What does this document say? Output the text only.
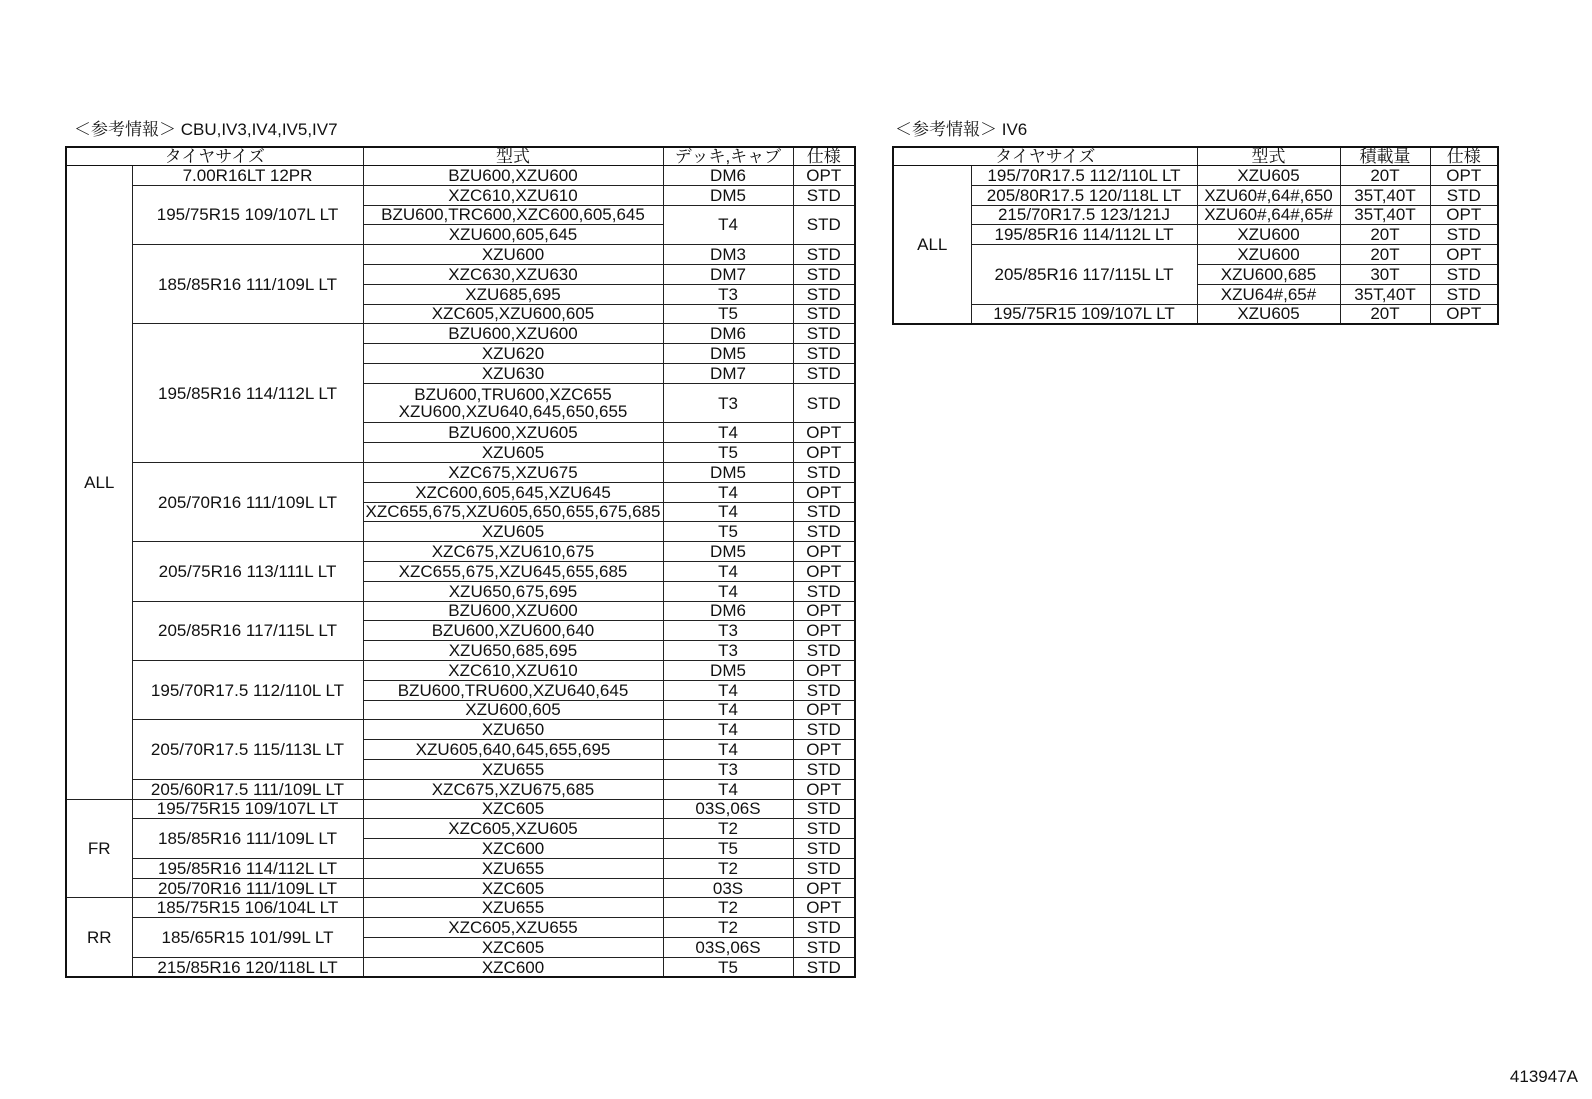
＜参考情報＞ CBU,IV3,IV4,IV5,IV7
タイヤサイズ		型式	デッキ,キャブ	仕様
ALL	7.00R16LT 12PR	BZU600,XZU600	DM6	OPT
	195/75R15 109/107L LT	XZC610,XZU610	DM5	STD
		BZU600,TRC600,XZC600,605,645	T4	STD
		XZU600,605,645		
	185/85R16 111/109L LT	XZU600	DM3	STD
		XZC630,XZU630	DM7	STD
		XZU685,695	T3	STD
		XZC605,XZU600,605	T5	STD
	195/85R16 114/112L LT	BZU600,XZU600	DM6	STD
		XZU620	DM5	STD
		XZU630	DM7	STD
		BZU600,TRU600,XZC655
XZU600,XZU640,645,650,655	T3	STD
		BZU600,XZU605	T4	OPT
		XZU605	T5	OPT
	205/70R16 111/109L LT	XZC675,XZU675	DM5	STD
		XZC600,605,645,XZU645	T4	OPT
		XZC655,675,XZU605,650,655,675,685	T4	STD
		XZU605	T5	STD
	205/75R16 113/111L LT	XZC675,XZU610,675	DM5	OPT
		XZC655,675,XZU645,655,685	T4	OPT
		XZU650,675,695	T4	STD
	205/85R16 117/115L LT	BZU600,XZU600	DM6	OPT
		BZU600,XZU600,640	T3	OPT
		XZU650,685,695	T3	STD
	195/70R17.5 112/110L LT	XZC610,XZU610	DM5	OPT
		BZU600,TRU600,XZU640,645	T4	STD
		XZU600,605	T4	OPT
	205/70R17.5 115/113L LT	XZU650	T4	STD
		XZU605,640,645,655,695	T4	OPT
		XZU655	T3	STD
	205/60R17.5 111/109L LT	XZC675,XZU675,685	T4	OPT
FR	195/75R15 109/107L LT	XZC605	03S,06S	STD
	185/85R16 111/109L LT	XZC605,XZU605	T2	STD
		XZC600	T5	STD
	195/85R16 114/112L LT	XZU655	T2	STD
	205/70R16 111/109L LT	XZC605	03S	OPT
RR	185/75R15 106/104L LT	XZU655	T2	OPT
	185/65R15 101/99L LT	XZC605,XZU655	T2	STD
		XZC605	03S,06S	STD
	215/85R16 120/118L LT	XZC600	T5	STD
＜参考情報＞ IV6
タイヤサイズ		型式	積載量	仕様
ALL	195/70R17.5 112/110L LT	XZU605	20T	OPT
	205/80R17.5 120/118L LT	XZU60#,64#,650	35T,40T	STD
	215/70R17.5 123/121J	XZU60#,64#,65#	35T,40T	OPT
	195/85R16 114/112L LT	XZU600	20T	STD
	205/85R16 117/115L LT	XZU600	20T	OPT
		XZU600,685	30T	STD
		XZU64#,65#	35T,40T	STD
	195/75R15 109/107L LT	XZU605	20T	OPT
413947A
